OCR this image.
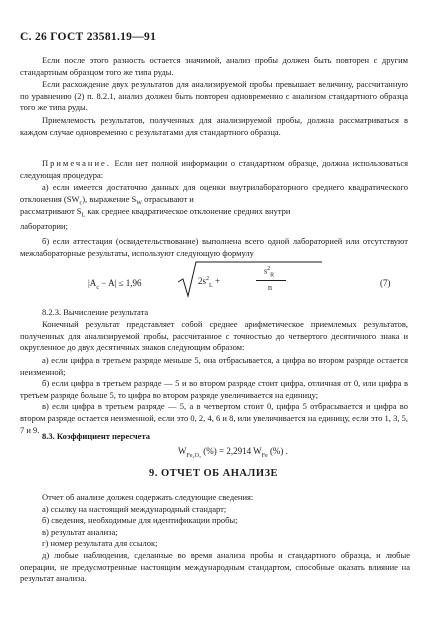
С. 26 ГОСТ 23581.19—91

Если после этого разность остается значимой, анализ пробы должен быть повторен с другим стандартным образцом того же типа руды.

Если расхождение двух результатов для анализируемой пробы превышает величину, рассчитанную по уравнению (2) п. 8.2.1, анализ должен быть повторен одновременно с анализом стандартного образца того же типа руды.

Приемлемость результатов, полученных для анализируемой пробы, должна рассматриваться в каждом случае одновременно с результатами для стандартного образца.

Примечание. Если нет полной информации о стандартном образце, должна использоваться следующая процедура:

а) если имеется достаточно данных для оценки внутрилабораторного среднего квадратического отклонения $(SW_c)$, выражение $S_W$ отрасывают и

рассматривают $S_L$ как среднее квадратическое отклонение средних внутри

лаборатории;

б) если аттестация (освидетельствование) выполнена всего одной лабораторией или отсутствуют межлабораторные результаты, используют следующую формулу

$|A_c - A| \le 1,96$	$2s^2_L$ +
$s^2_R$
n	(7)

8.2.3. Вычисление результата

Конечный результат представляет собой среднее арифметическое приемлемых результатов, полученных для анализируемой пробы, рассчитанное с точностью до четвертого десятичного знака и округленное до двух десятичных знаков следующим образом:

а) если цифра в третьем разряде меньше 5, она отбрасывается, а цифра во втором разряде остается неизменной;

б) если цифра в третьем разряде — 5 и во втором разряде стоит цифра, отличная от 0, или цифра в третьем разряде больше 5, то цифра во втором разряде увеличивается на единицу;

в) если цифра в третьем разряде — 5, а в четвертом стоит 0, цифра 5 отбрасывается и цифра во втором разряде остается неизменной, если это 0, 2, 4, 6 и 8, или увеличивается на единицу, если это 1, 3, 5, 7 и 9.

9. ОТЧЕТ ОБ АНАЛИЗЕ
Отчет об анализе должен содержать следующие сведения:
а) ссылку на настоящий международный стандарт;
б) сведения, необходимые для идентификации пробы;
в) результат анализа;
г) номер результата для ссылок;
д) любые наблюдения, сделанные во время анализа пробы и стандартного образца, и любые операции, не предусмотренные настоящим международным стандартом, способные оказать влияние на результат анализа.

8.3. Коэффициент пересчета

$W_{Fe_2O_3}$ (%) = 2,2914 $W_{Fe}$ (%) .
